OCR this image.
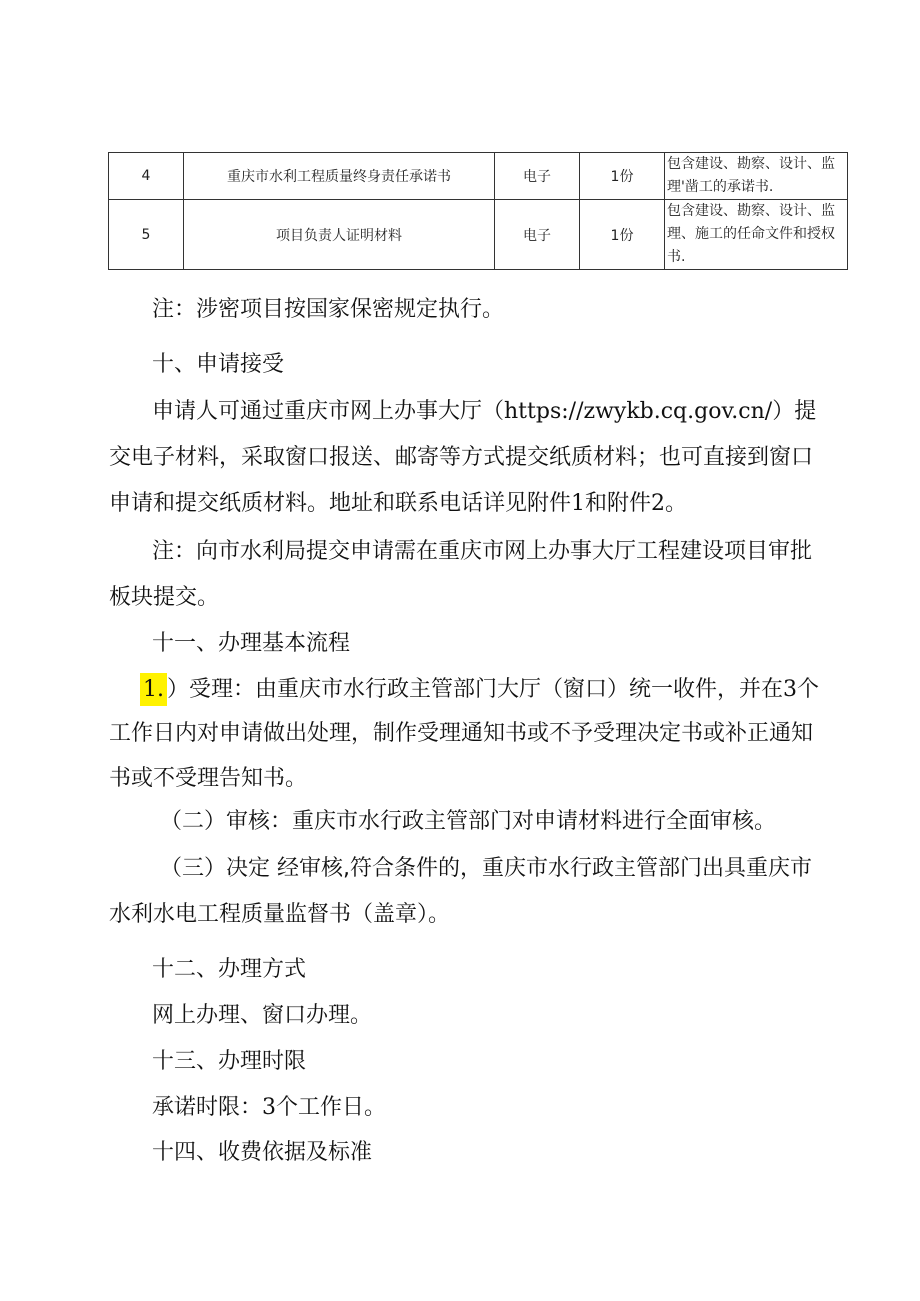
4	重庆市水利工程质量终身责任承诺书	电子	1份	包含建设、勘察、设计、监理'凿工的承诺书.
5	项目负责人证明材料	电子	1份	包含建设、勘察、设计、监理、施工的任命文件和授权书.
注：涉密项目按国家保密规定执行。
十、申请接受
申请人可通过重庆市网上办事大厅（https://zwykb.cq.gov.cn/）提
交电子材料，采取窗口报送、邮寄等方式提交纸质材料；也可直接到窗口
申请和提交纸质材料。地址和联系电话详见附件1和附件2。
注：向市水利局提交申请需在重庆市网上办事大厅工程建设项目审批
板块提交。
十一、办理基本流程
1. ）受理：由重庆市水行政主管部门大厅（窗口）统一收件，并在3个
工作日内对申请做出处理，制作受理通知书或不予受理决定书或补正通知
书或不受理告知书。
（二）审核：重庆市水行政主管部门对申请材料进行全面审核。
（三）决定 经审核,符合条件的，重庆市水行政主管部门出具重庆市
水利水电工程质量监督书（盖章）。
十二、办理方式
网上办理、窗口办理。
十三、办理时限
承诺时限：3个工作日。
十四、收费依据及标准
